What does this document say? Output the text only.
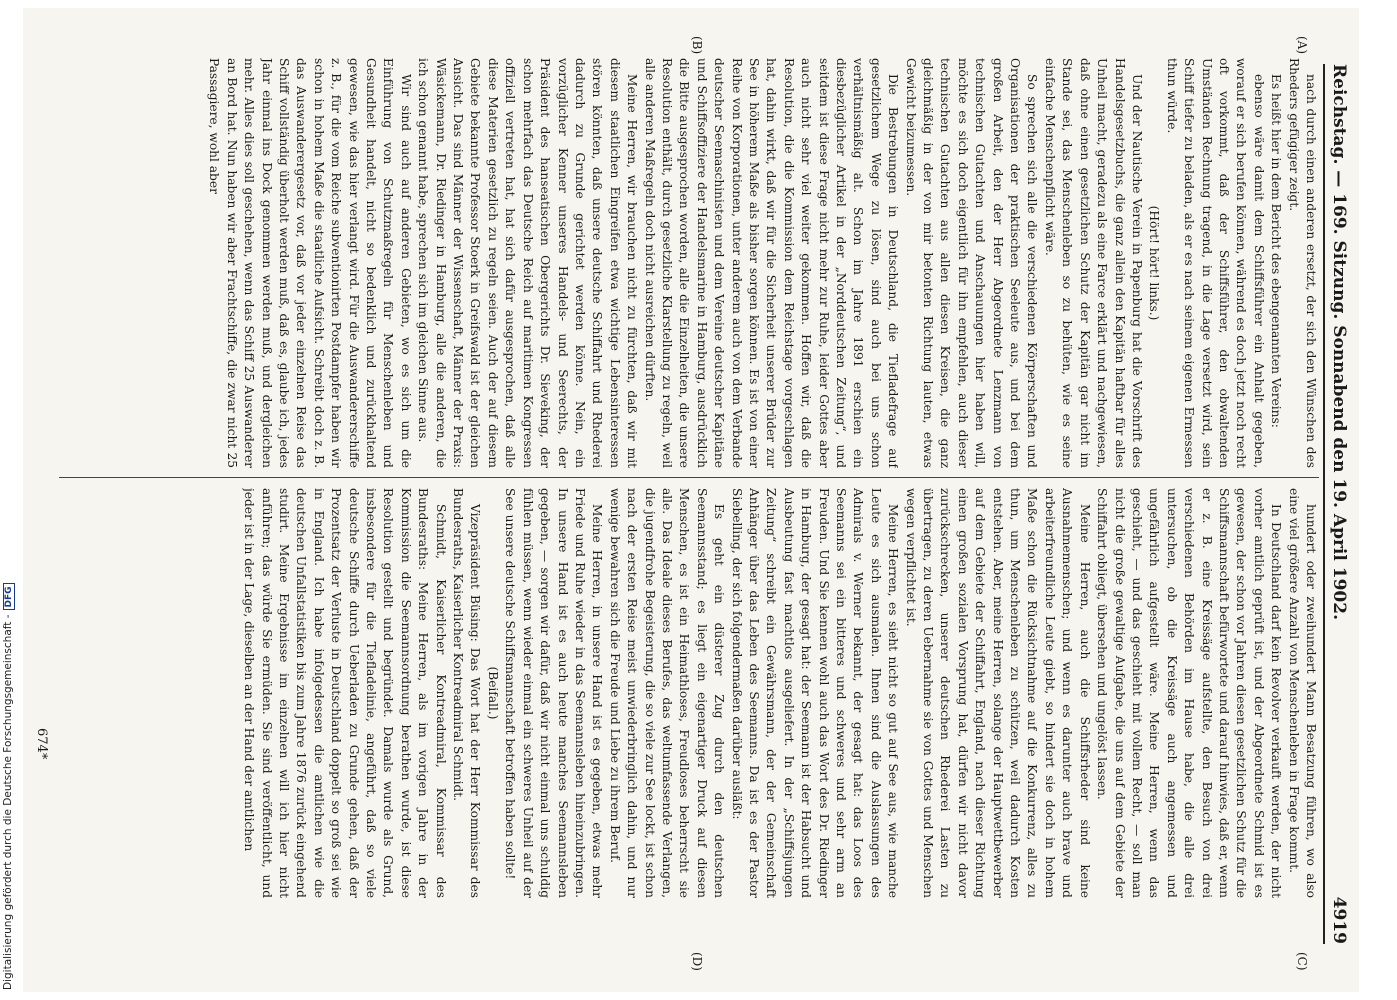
Reichstag. — 169. Sitzung. Sonnabend den 19. April 1902.
4919
(A)
(B)
(C)
(D)

nach durch einen anderen ersetzt, der sich den Wünschen des Rheders gefügiger zeigt.

Es heißt hier in dem Bericht des ebengenannten Vereins:

ebenso wäre damit dem Schiffsführer ein Anhalt gegeben, worauf er sich berufen können, während es doch jetzt noch recht oft vorkommt, daß der Schiffsführer, den obwaltenden Umständen Rechnung tragend, in die Lage versetzt wird, sein Schiff tiefer zu beladen, als er es nach seinem eigenen Ermessen thun würde.

(Hört! hört! links.)

Und der Nautische Verein in Papenburg hat die Vorschrift des Handelsgesetzbuchs, die ganz allein den Kapitän haftbar für alles Unheil macht, geradezu als eine Farce erklärt und nachgewiesen, daß ohne einen gesetzlichen Schutz der Kapitän gar nicht im Stande sei, das Menschenleben so zu behüten, wie es seine einfache Menschenpflicht wäre.

So sprechen sich alle die verschiedenen Körperschaften und Organisationen der praktischen Seeleute aus, und bei dem großen Arbeit, den der Herr Abgeordnete Lenzmann von technischen Gutachten und Anschauungen hier haben will, möchte es sich doch eigentlich für ihn empfehlen, auch dieser technischen Gutachten aus allen diesen Kreisen, die ganz gleichmäßig in der von mir betonten Richtung lauten, etwas Gewicht beizumessen.

Die Bestrebungen in Deutschland, die Tiefladefrage auf gesetzlichem Wege zu lösen, sind auch bei uns schon verhältnismäßig alt. Schon im Jahre 1891 erschien ein diesbezüglicher Artikel in der „Norddeutschen Zeitung“, und seitdem ist diese Frage nicht mehr zur Ruhe, leider Gottes aber auch nicht sehr viel weiter gekommen. Hoffen wir, daß die Resolution, die die Kommission dem Reichstage vorgeschlagen hat, dahin wirkt, daß wir für die Sicherheit unserer Brüder zur See in höherem Maße als bisher sorgen können. Es ist von einer Reihe von Korporationen, unter anderem auch von dem Verbande deutscher Seemaschinisten und dem Vereine deutscher Kapitäne und Schiffsoffiziere der Handelsmarine in Hamburg, ausdrücklich die Bitte ausgesprochen worden, alle die Einzelheiten, die unsere Resolution enthält, durch gesetzliche Klarstellung zu regeln, weil alle anderen Maßregeln doch nicht ausreichen dürften.

Meine Herren, wir brauchen nicht zu fürchten, daß wir mit diesem staatlichen Eingreifen etwa wichtige Lebensinteressen stören könnten, daß unsere deutsche Schiffahrt und Rhederei dadurch zu Grunde gerichtet werden könne. Nein, ein vorzüglicher Kenner unseres Handels- und Seerechts, der Präsident des hanseatischen Obergerichts Dr. Sieveking, der schon mehrfach das Deutsche Reich auf maritimen Kongressen offiziell vertreten hat, hat sich dafür ausgesprochen, daß alle diese Materien gesetzlich zu regeln seien. Auch der auf diesem Gebiete bekannte Professor Stoerk in Greifswald ist der gleichen Ansicht. Das sind Männer der Wissenschaft, Männer der Praxis: Wäsickemann, Dr. Riedinger in Hamburg, alle die anderen, die ich schon genannt habe, sprechen sich im gleichen Sinne aus.

Wir sind auch auf anderen Gebieten, wo es sich um die Einführung von Schutzmaßregeln für Menschenleben und Gesundheit handelt, nicht so bedenklich und zurückhaltend gewesen, wie das hier verlangt wird. Für die Auswandererschiffe z. B., für die vom Reiche subventionirten Postdampfer haben wir schon in hohem Maße die staatliche Aufsicht. Schreibt doch z. B. das Auswanderergesetz vor, daß vor jeder einzelnen Reise das Schiff vollständig überholt werden muß, daß es, glaube ich, jedes Jahr einmal ins Dock genommen werden muß, und dergleichen mehr. Alles dies soll geschehen, wenn das Schiff 25 Auswanderer an Bord hat. Nun haben wir aber Frachtschiffe, die zwar nicht 25 Passagiere, wohl aber

hundert oder zweihundert Mann Besatzung führen, wo also eine viel größere Anzahl von Menschenleben in Frage kommt.

In Deutschland darf kein Revolver verkauft werden, der nicht vorher amtlich geprüft ist, und der Abgeordnete Schmid ist es gewesen, der schon vor Jahren diesen gesetzlichen Schutz für die Schiffsmannschaft befürwortete und darauf hinwies, daß er, wenn er z. B. eine Kreissäge aufstellte, den Besuch von drei verschiedenen Behörden im Hause habe, die alle drei untersuchen, ob die Kreissäge auch angemessen und ungefährlich aufgestellt wäre. Meine Herren, wenn das geschieht, — und das geschieht mit vollem Recht, — soll man nicht die große gewaltige Aufgabe, die uns auf dem Gebiete der Schiffahrt obliegt, übersehen und ungelöst lassen.

Meine Herren, auch die Schiffsrheder sind keine Ausnahmemenschen; und wenn es darunter auch brave und arbeiterfreundliche Leute giebt, so hindert sie doch in hohem Maße schon die Rücksichtnahme auf die Konkurrenz, alles zu thun, um Menschenleben zu schützen, weil dadurch Kosten entstehen. Aber, meine Herren, solange der Hauptwettbewerber auf dem Gebiete der Schiffahrt, England, nach dieser Richtung einen großen sozialen Vorsprung hat, dürfen wir nicht davor zurückschrecken, unserer deutschen Rhederei Lasten zu übertragen, zu deren Uebernahme sie von Gottes und Menschen wegen verpflichtet ist.

Meine Herren, es sieht nicht so gut auf See aus, wie manche Leute es sich ausmalen. Ihnen sind die Auslassungen des Admirals v. Werner bekannt, der gesagt hat: das Loos des Seemanns sei ein bitteres und schweres und sehr arm an Freuden. Und Sie kennen wohl auch das Wort des Dr. Riedinger in Hamburg, der gesagt hat: der Seemann ist der Habsucht und Ausbeutung fast machtlos ausgeliefert. In der „Schiffsjungen Zeitung“ schreibt ein Gewährsmann, der der Gemeinschaft Anhänger über das Leben des Seemanns. Da ist es der Pastor Siebelling, der sich folgendermaßen darüber ausläßt:

Es geht ein düsterer Zug durch den deutschen Seemannsstand; es liegt ein eigenartiger Druck auf diesen Menschen, es ist ein Heimathloses, Freudloses beherrscht sie alle. Das Ideale dieses Berufes, das weltumfassende Verlangen, die jugendfrohe Begeisterung, die so viele zur See lockt, ist schon nach der ersten Reise meist unwiederbringlich dahin, und nur wenige bewahren sich die Freude und Liebe zu ihrem Beruf.

Meine Herren, in unsere Hand ist es gegeben, etwas mehr Friede und Ruhe wieder in das Seemannsleben hineinzubringen. In unsere Hand ist es auch heute manches Seemannsleben gegeben, — sorgen wir dafür, daß wir nicht einmal uns schuldig fühlen müssen, wenn wieder einmal ein schweres Unheil auf der See unsere deutsche Schiffsmannschaft betroffen haben sollte!

(Beifall.)

Vizepräsident Büsing: Das Wort hat der Herr Kommissar des Bundesraths, Kaiserlicher Kontreadmiral Schmidt.

Schmidt, Kaiserlicher Kontreadmiral, Kommissar des Bundesraths: Meine Herren, als im vorigen Jahre in der Kommission die Seemannsordnung berathen wurde, ist diese Resolution gestellt und begründet. Damals wurde als Grund, insbesondere für die Tiefladelinie, angeführt, daß so viele deutsche Schiffe durch Ueberladen zu Grunde gehen, daß der Prozentsatz der Verluste in Deutschland doppelt so groß sei wie in England. Ich habe infolgedessen die amtlichen wie die deutschen Unfallstatistiken bis zum Jahre 1876 zurück eingehend studirt. Meine Ergebnisse im einzelnen will ich hier nicht anführen; das würde Sie ermüden. Sie sind veröffentlicht, und jeder ist in der Lage, dieselben an der Hand der amtlichen

674*
Digitalisierung gefördert durch die Deutsche Forschungsgemeinschaft -DFG
